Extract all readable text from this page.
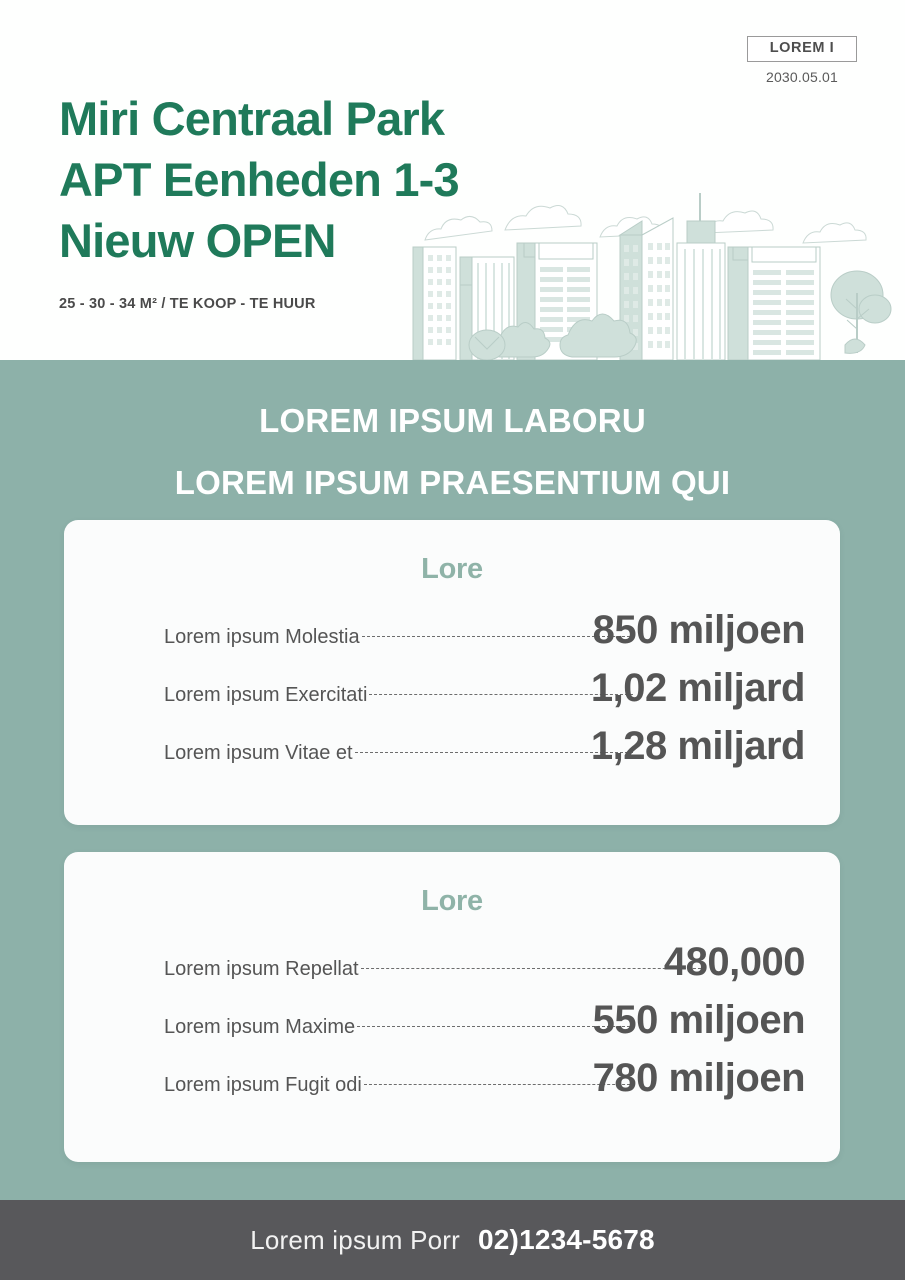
LOREM I
2030.05.01
Miri Centraal Park
APT Eenheden 1-3
Nieuw OPEN
25 - 30 - 34 M² / TE KOOP - TE HUUR
LOREM IPSUM LABORU
LOREM IPSUM PRAESENTIUM QUI
Lore
Lorem ipsum Molestia	850 miljoen
Lorem ipsum Exercitati	1,02 miljard
Lorem ipsum Vitae et	1,28 miljard
Lore
Lorem ipsum Repellat	480,000
Lorem ipsum Maxime	550 miljoen
Lorem ipsum Fugit odi	780 miljoen
Lorem ipsum Porr 02)1234-5678
